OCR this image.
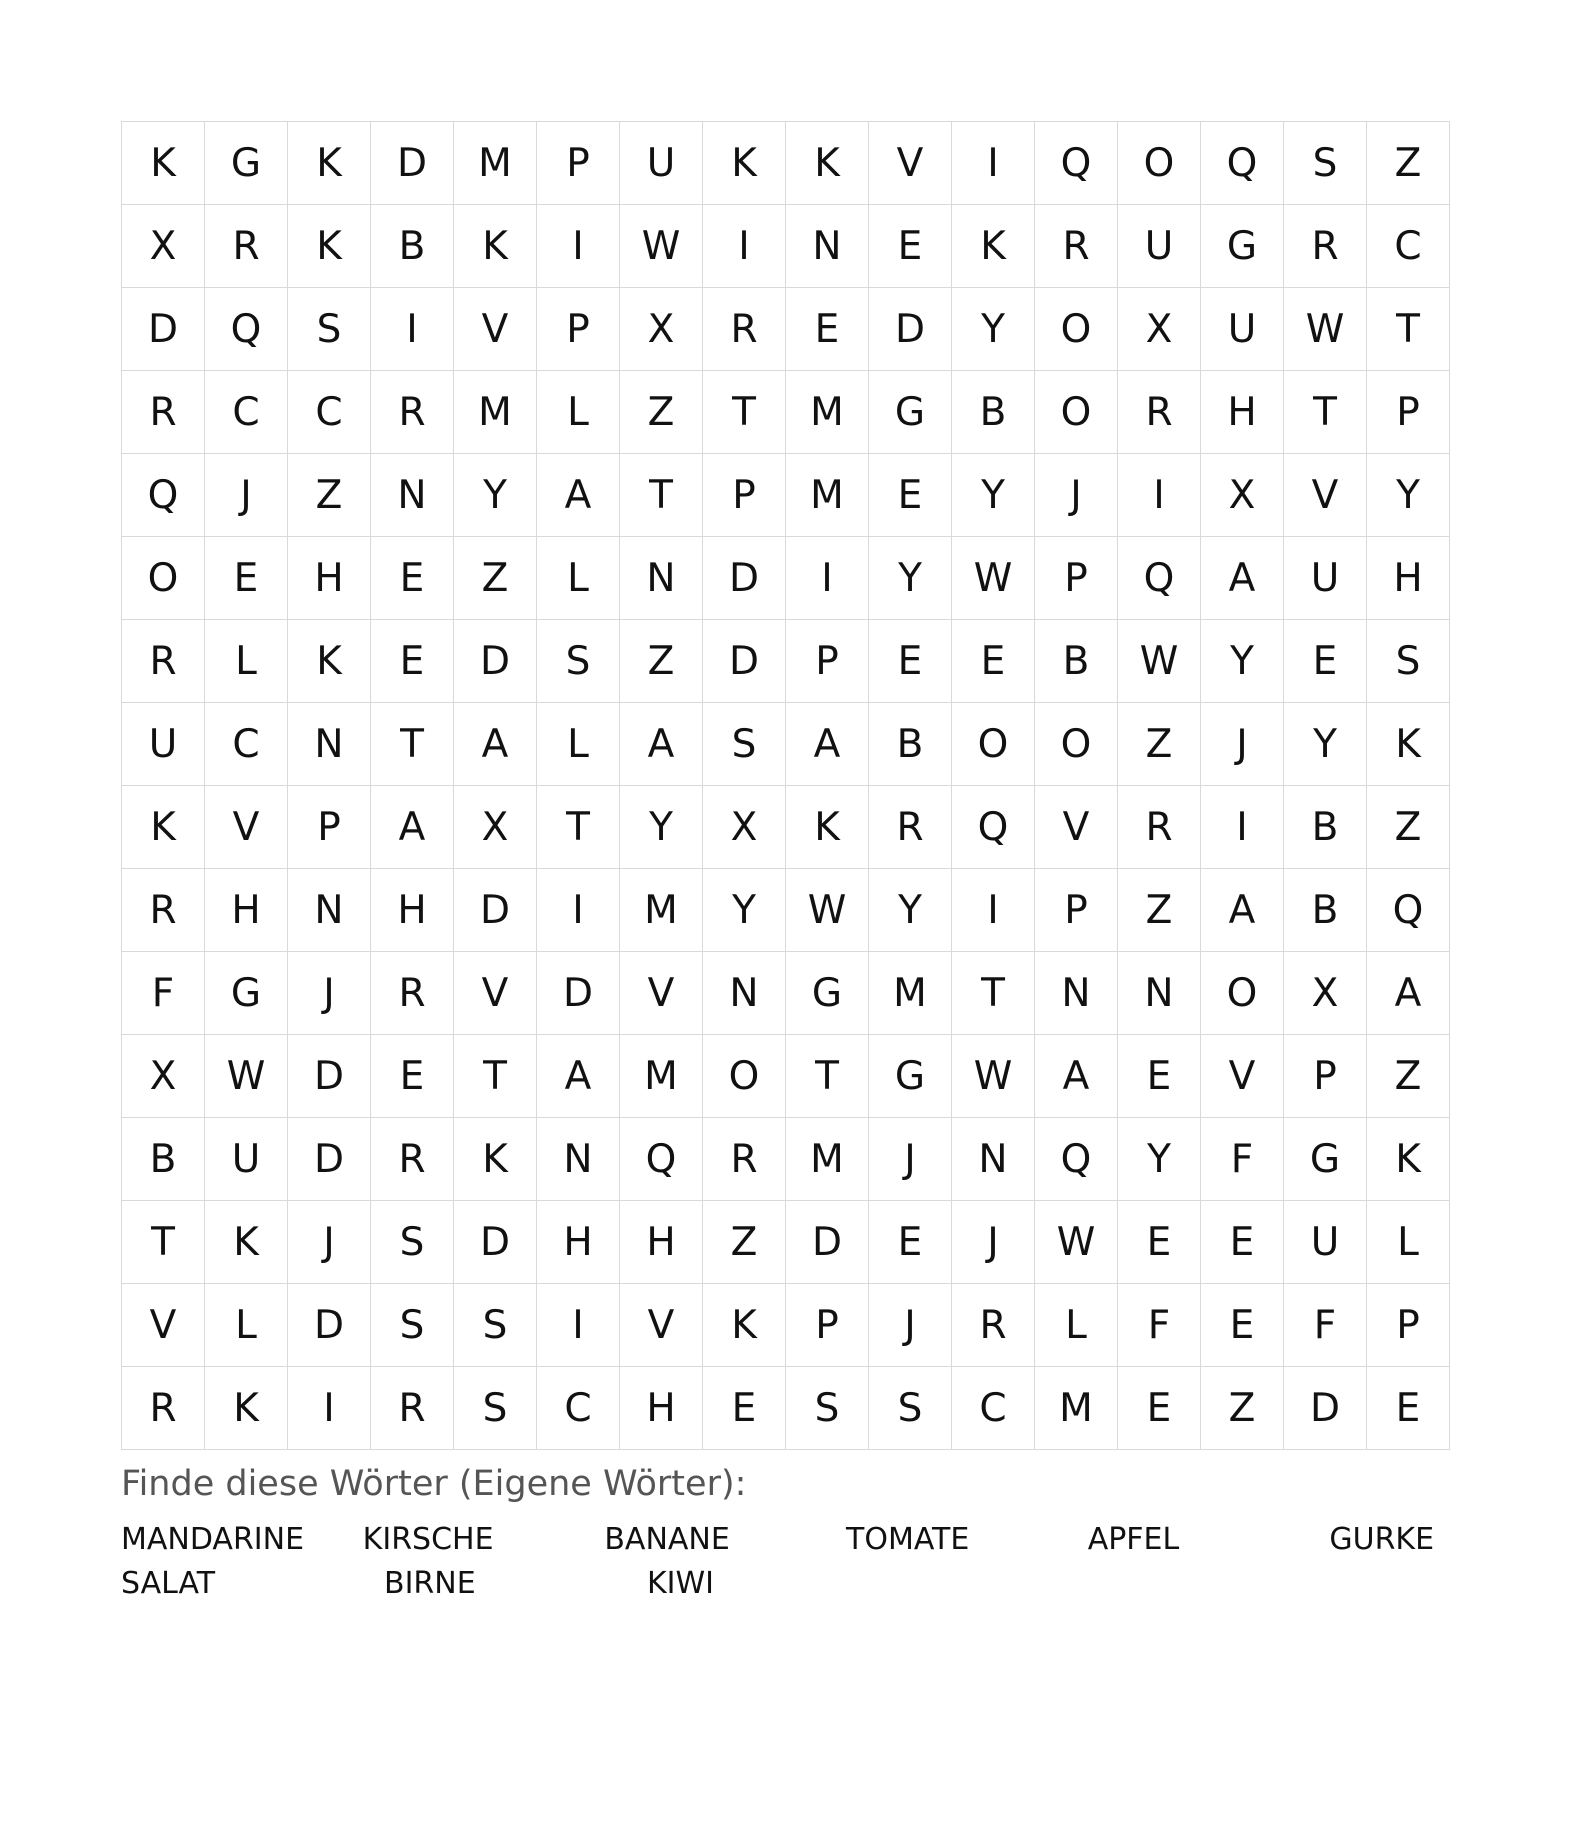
K	G	K	D	M	P	U	K	K	V	I	Q	O	Q	S	Z
X	R	K	B	K	I	W	I	N	E	K	R	U	G	R	C
D	Q	S	I	V	P	X	R	E	D	Y	O	X	U	W	T
R	C	C	R	M	L	Z	T	M	G	B	O	R	H	T	P
Q	J	Z	N	Y	A	T	P	M	E	Y	J	I	X	V	Y
O	E	H	E	Z	L	N	D	I	Y	W	P	Q	A	U	H
R	L	K	E	D	S	Z	D	P	E	E	B	W	Y	E	S
U	C	N	T	A	L	A	S	A	B	O	O	Z	J	Y	K
K	V	P	A	X	T	Y	X	K	R	Q	V	R	I	B	Z
R	H	N	H	D	I	M	Y	W	Y	I	P	Z	A	B	Q
F	G	J	R	V	D	V	N	G	M	T	N	N	O	X	A
X	W	D	E	T	A	M	O	T	G	W	A	E	V	P	Z
B	U	D	R	K	N	Q	R	M	J	N	Q	Y	F	G	K
T	K	J	S	D	H	H	Z	D	E	J	W	E	E	U	L
V	L	D	S	S	I	V	K	P	J	R	L	F	E	F	P
R	K	I	R	S	C	H	E	S	S	C	M	E	Z	D	E

Finde diese Wörter (Eigene Wörter):

MANDARINE	KIRSCHE	BANANE	TOMATE	APFEL	GURKE
SALAT	BIRNE	KIWI
